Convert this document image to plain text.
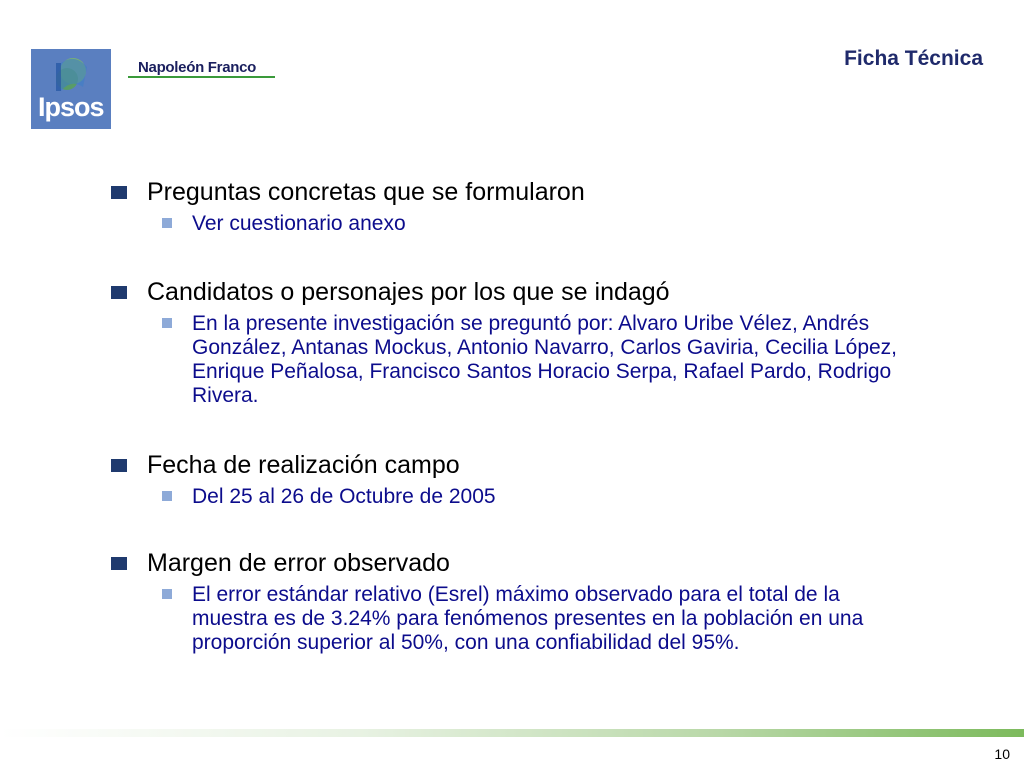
Ipsos
Napoleón Franco	Ficha Técnica
Preguntas concretas que se formularon
Ver cuestionario anexo
Candidatos o personajes por los que se indagó
En la presente investigación se preguntó por: Alvaro Uribe Vélez, Andrés González, Antanas Mockus, Antonio Navarro, Carlos Gaviria, Cecilia López, Enrique Peñalosa, Francisco Santos Horacio Serpa, Rafael Pardo, Rodrigo Rivera.
Fecha de realización campo
Del 25 al 26 de Octubre de 2005
Margen de error observado
El error estándar relativo (Esrel) máximo observado para el total de la muestra es de 3.24% para fenómenos presentes en la población en una proporción superior al 50%, con una confiabilidad del 95%.
10
